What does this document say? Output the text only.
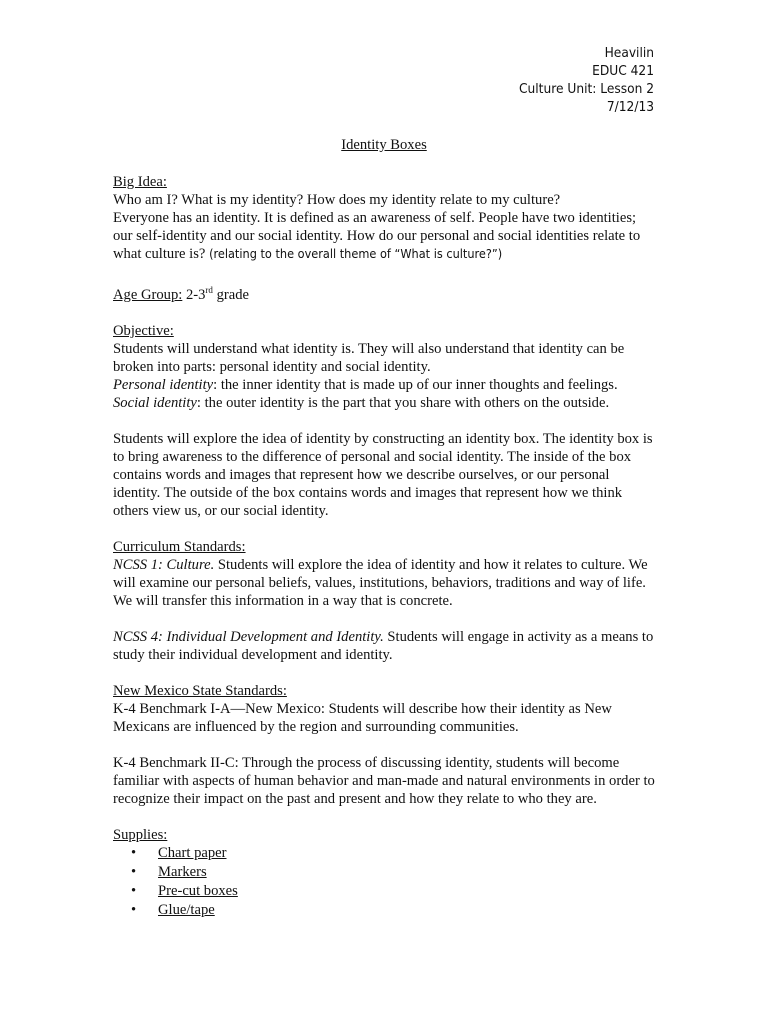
Heavilin
EDUC 421
Culture Unit: Lesson 2
7/12/13
Identity Boxes

Big Idea:

Who am I? What is my identity? How does my identity relate to my culture?

Everyone has an identity. It is defined as an awareness of self. People have two identities; our self-identity and our social identity. How do our personal and social identities relate to what culture is? (relating to the overall theme of “What is culture?”)

Age Group: 2-3rd grade

Objective:

Students will understand what identity is. They will also understand that identity can be broken into parts: personal identity and social identity.

Personal identity: the inner identity that is made up of our inner thoughts and feelings.

Social identity: the outer identity is the part that you share with others on the outside.

Students will explore the idea of identity by constructing an identity box. The identity box is to bring awareness to the difference of personal and social identity. The inside of the box contains words and images that represent how we describe ourselves, or our personal identity. The outside of the box contains words and images that represent how we think others view us, or our social identity.

Curriculum Standards:

NCSS 1: Culture. Students will explore the idea of identity and how it relates to culture. We will examine our personal beliefs, values, institutions, behaviors, traditions and way of life. We will transfer this information in a way that is concrete.

NCSS 4: Individual Development and Identity. Students will engage in activity as a means to study their individual development and identity.

New Mexico State Standards:

K-4 Benchmark I-A—New Mexico: Students will describe how their identity as New Mexicans are influenced by the region and surrounding communities.

K-4 Benchmark II-C: Through the process of discussing identity, students will become familiar with aspects of human behavior and man-made and natural environments in order to recognize their impact on the past and present and how they relate to who they are.

Supplies:

• Chart paper
• Markers
• Pre-cut boxes
• Glue/tape
